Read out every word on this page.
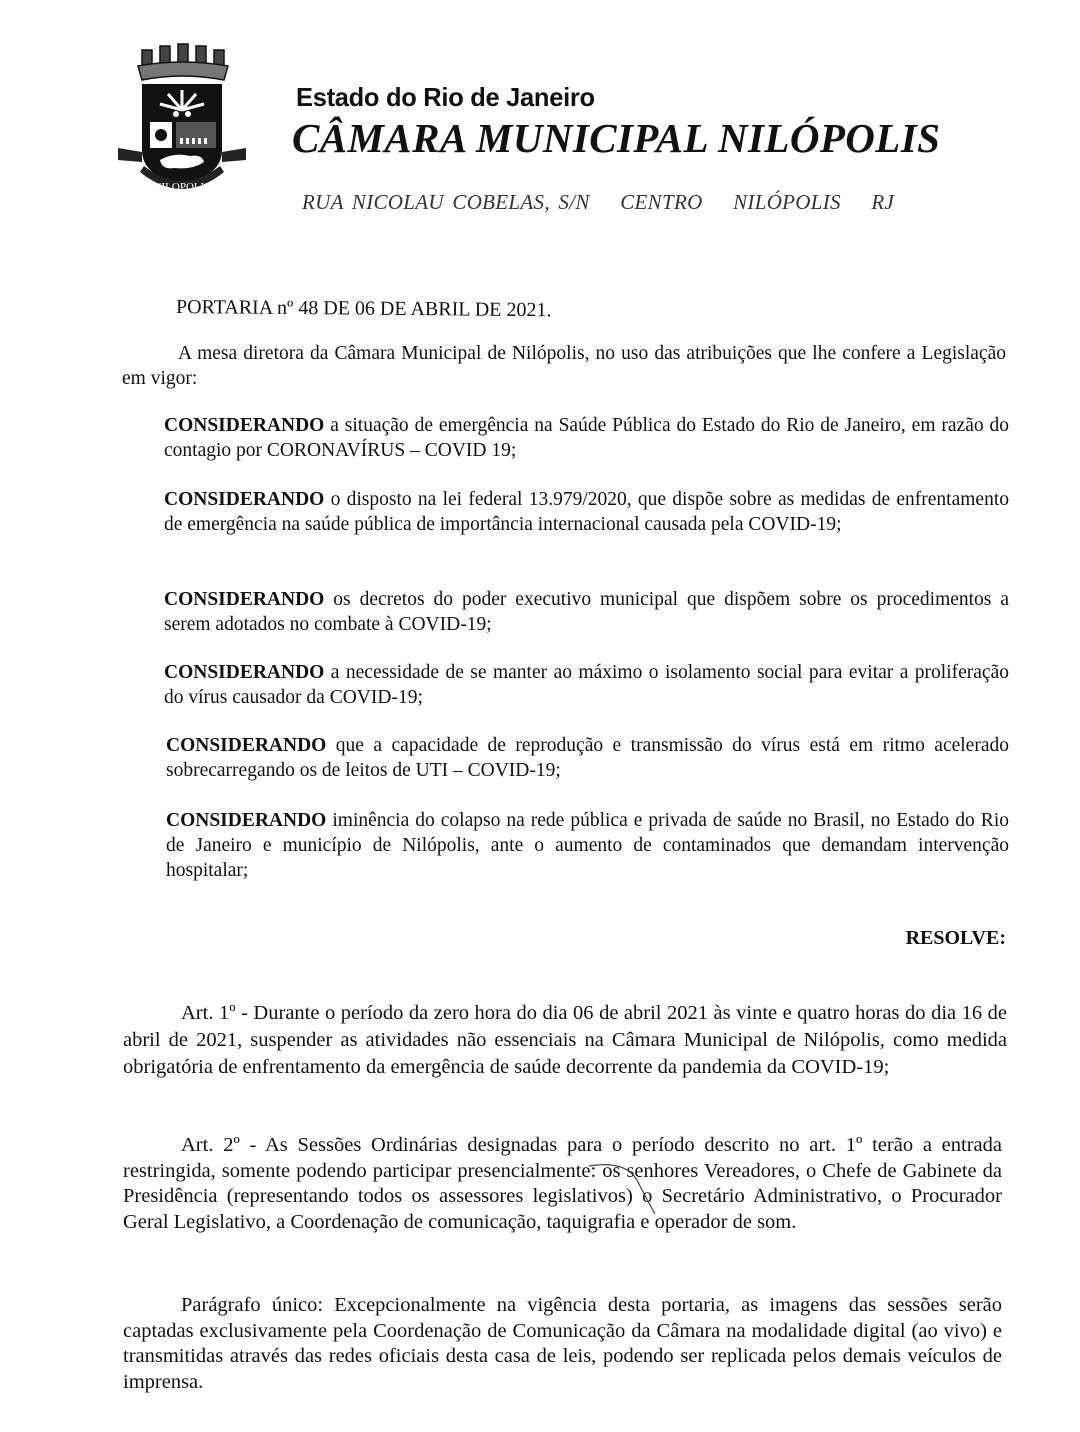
NILOPOLIS
Estado do Rio de Janeiro
CÂMARA MUNICIPAL NILÓPOLIS
RUA NICOLAU COBELAS, S/N CENTRO NILÓPOLIS RJ
PORTARIA nº 48 DE 06 DE ABRIL DE 2021.
A mesa diretora da Câmara Municipal de Nilópolis, no uso das atribuições que lhe confere a Legislação em vigor:
CONSIDERANDO a situação de emergência na Saúde Pública do Estado do Rio de Janeiro, em razão do contagio por CORONAVÍRUS – COVID 19;
CONSIDERANDO o disposto na lei federal 13.979/2020, que dispõe sobre as medidas de enfrentamento de emergência na saúde pública de importância internacional causada pela COVID-19;
CONSIDERANDO os decretos do poder executivo municipal que dispõem sobre os procedimentos a serem adotados no combate à COVID-19;
CONSIDERANDO a necessidade de se manter ao máximo o isolamento social para evitar a proliferação do vírus causador da COVID-19;
CONSIDERANDO que a capacidade de reprodução e transmissão do vírus está em ritmo acelerado sobrecarregando os de leitos de UTI – COVID-19;
CONSIDERANDO iminência do colapso na rede pública e privada de saúde no Brasil, no Estado do Rio de Janeiro e município de Nilópolis, ante o aumento de contaminados que demandam intervenção hospitalar;
RESOLVE:
Art. 1º - Durante o período da zero hora do dia 06 de abril 2021 às vinte e quatro horas do dia 16 de abril de 2021, suspender as atividades não essenciais na Câmara Municipal de Nilópolis, como medida obrigatória de enfrentamento da emergência de saúde decorrente da pandemia da COVID-19;
Art. 2º - As Sessões Ordinárias designadas para o período descrito no art. 1º terão a entrada restringida, somente podendo participar presencialmente: os senhores Vereadores, o Chefe de Gabinete da Presidência (representando todos os assessores legislativos) o Secretário Administrativo, o Procurador Geral Legislativo, a Coordenação de comunicação, taquigrafia e operador de som.
Parágrafo único: Excepcionalmente na vigência desta portaria, as imagens das sessões serão captadas exclusivamente pela Coordenação de Comunicação da Câmara na modalidade digital (ao vivo) e transmitidas através das redes oficiais desta casa de leis, podendo ser replicada pelos demais veículos de imprensa.
